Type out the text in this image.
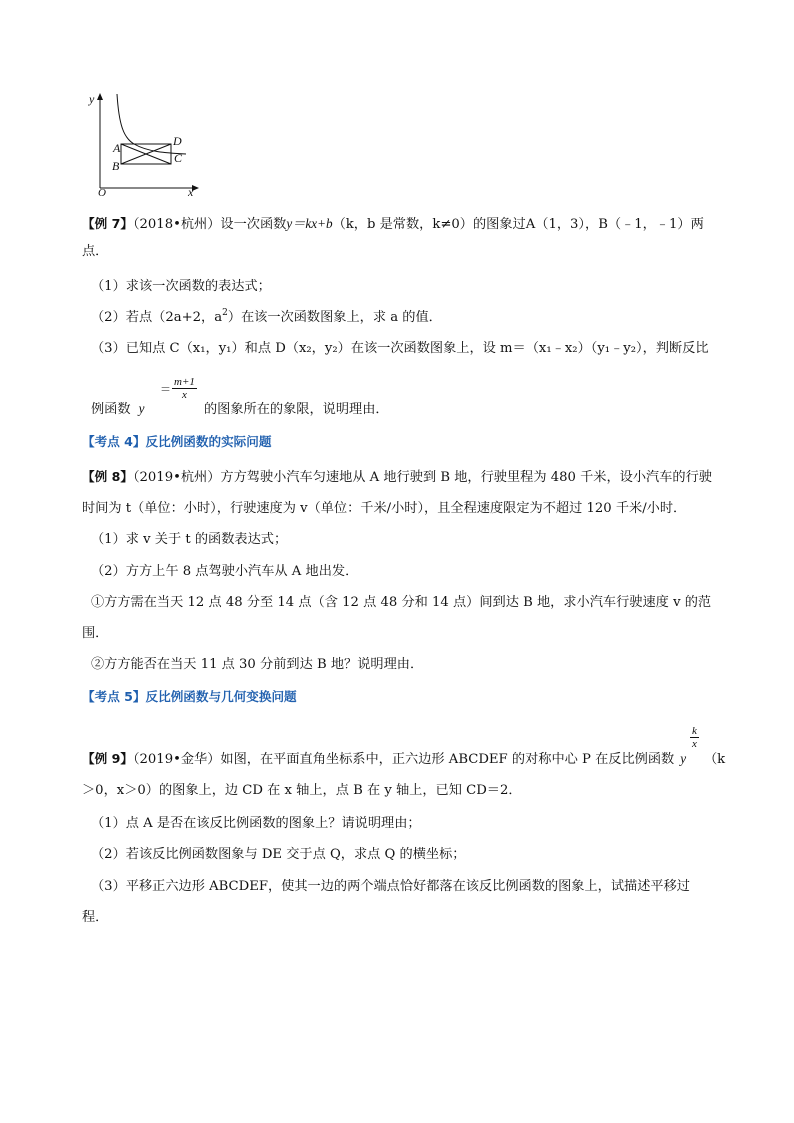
y
A
B
D
C
O	x
【例 7】（2018•杭州）设一次函数y＝kx+b（k，b 是常数，k≠0）的图象过A（1，3），B（﹣1，﹣1）两
点．
（1）求该一次函数的表达式；
（2）若点（2a+2，$a^2$）在该一次函数图象上，求 a 的值．
（3）已知点 C（x₁，y₁）和点 D（x₂，y₂）在该一次函数图象上，设 m＝（x₁﹣x₂）（y₁﹣y₂），判断反比
例函数 y
＝ $\frac{m+1}{x}$
的图象所在的象限，说明理由．
【考点 4】反比例函数的实际问题
【例 8】（2019•杭州）方方驾驶小汽车匀速地从 A 地行驶到 B 地，行驶里程为 480 千米，设小汽车的行驶
时间为 t（单位：小时），行驶速度为 v（单位：千米/小时），且全程速度限定为不超过 120 千米/小时．
（1）求 v 关于 t 的函数表达式；
（2）方方上午 8 点驾驶小汽车从 A 地出发．
①方方需在当天 12 点 48 分至 14 点（含 12 点 48 分和 14 点）间到达 B 地，求小汽车行驶速度 v 的范
围．
②方方能否在当天 11 点 30 分前到达 B 地？说明理由．
【考点 5】反比例函数与几何变换问题
【例 9】（2019•金华）如图，在平面直角坐标系中，正六边形 ABCDEF 的对称中心 P 在反比例函数 y
$\frac{k}{x}$
（k
＞0，x＞0）的图象上，边 CD 在 x 轴上，点 B 在 y 轴上，已知 CD＝2．
（1）点 A 是否在该反比例函数的图象上？请说明理由；
（2）若该反比例函数图象与 DE 交于点 Q，求点 Q 的横坐标；
（3）平移正六边形 ABCDEF，使其一边的两个端点恰好都落在该反比例函数的图象上，试描述平移过
程．
